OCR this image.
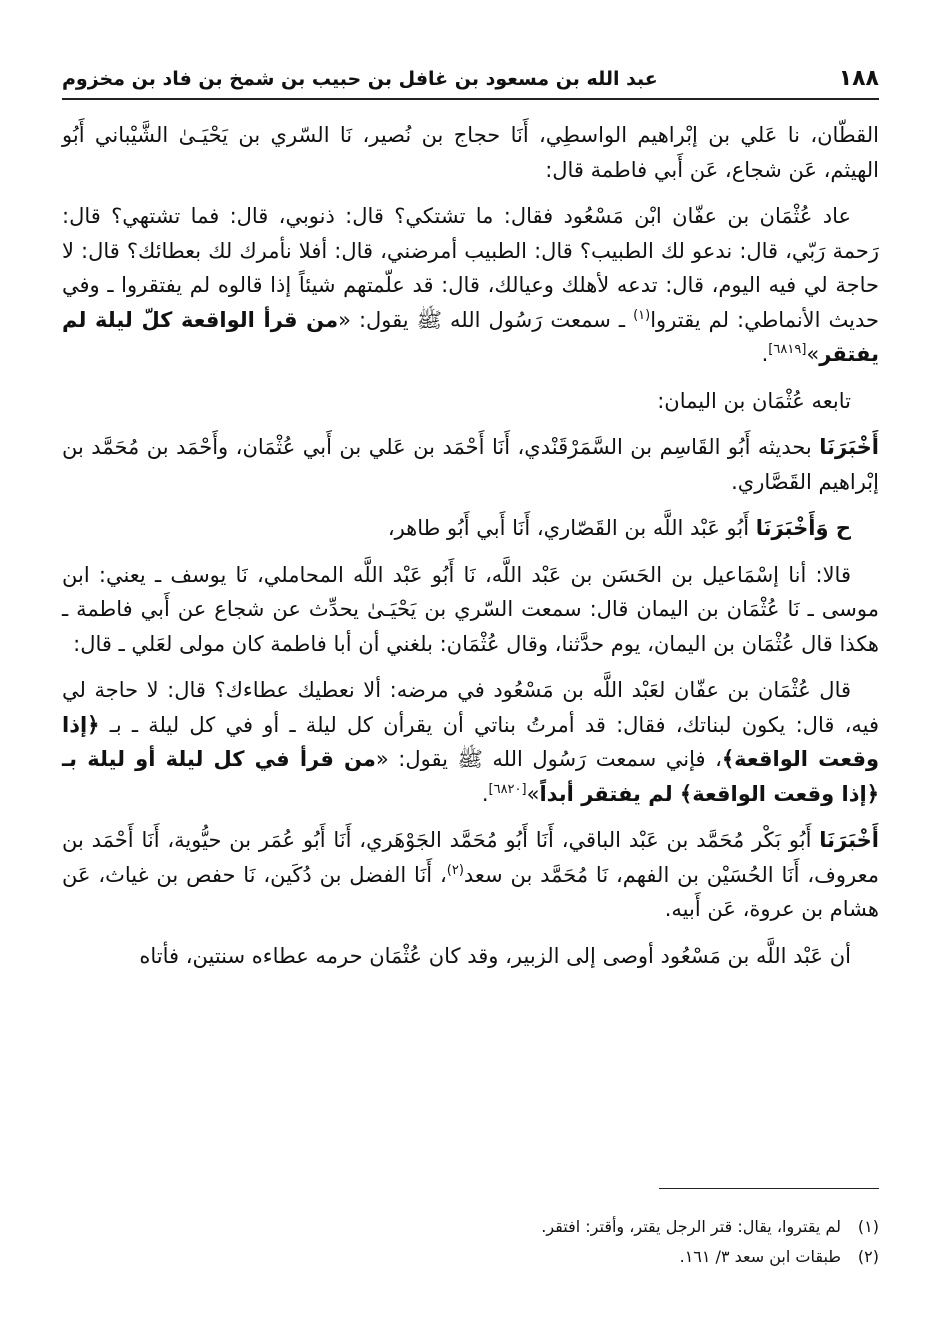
١٨٨
عبد الله بن مسعود بن غافل بن حبيب بن شمخ بن فاد بن مخزوم

القطّان، نا عَلي بن إبْراهيم الواسطِي، أَنَا حجاج بن نُصير، نَا السّري بن يَحْيَـىٰ الشَّيْباني أَبُو الهيثم، عَن شجاع، عَن أَبي فاطمة قال:

عاد عُثْمَان بن عفّان ابْن مَسْعُود فقال: ما تشتكي؟ قال: ذنوبي، قال: فما تشتهي؟ قال: رَحمة رَبّي، قال: ندعو لك الطبيب؟ قال: الطبيب أمرضني، قال: أفلا نأمرك لك بعطائك؟ قال: لا حاجة لي فيه اليوم، قال: تدعه لأهلك وعيالك، قال: قد علّمتهم شيئاً إذا قالوه لم يفتقروا ـ وفي حديث الأنماطي: لم يقتروا$^{(١)}$ ـ سمعت رَسُول الله ﷺ يقول: «من قرأ الواقعة كلّ ليلة لم يفتقر»[٦٨١٩].

تابعه عُثْمَان بن اليمان:

أَخْبَرَنَا بحديثه أَبُو القَاسِم بن السَّمَرْقَنْدي، أَنَا أَحْمَد بن عَلي بن أَبي عُثْمَان، وأَحْمَد بن مُحَمَّد بن إبْراهيم القَصَّاري.

ح وَأَخْبَرَنَا أَبُو عَبْد اللَّه بن القَصّاري، أَنَا أَبي أَبُو طاهر،

قالا: أنا إسْمَاعيل بن الحَسَن بن عَبْد اللَّه، نَا أَبُو عَبْد اللَّه المحاملي، نَا يوسف ـ يعني: ابن موسى ـ نَا عُثْمَان بن اليمان قال: سمعت السّري بن يَحْيَـىٰ يحدِّث عن شجاع عن أَبي فاطمة ـ هكذا قال عُثْمَان بن اليمان، يوم حدَّثنا، وقال عُثْمَان: بلغني أن أبا فاطمة كان مولى لعَلي ـ قال:

قال عُثْمَان بن عفّان لعَبْد اللَّه بن مَسْعُود في مرضه: ألا نعطيك عطاءك؟ قال: لا حاجة لي فيه، قال: يكون لبناتك، فقال: قد أمرتُ بناتي أن يقرأن كل ليلة ـ أو في كل ليلة ـ بـ ﴿إذا وقعت الواقعة﴾، فإني سمعت رَسُول الله ﷺ يقول: «من قرأ في كل ليلة أو ليلة بـ ﴿إذا وقعت الواقعة﴾ لم يفتقر أبداً»[٦٨٢٠].

أَخْبَرَنَا أَبُو بَكْر مُحَمَّد بن عَبْد الباقي، أَنَا أَبُو مُحَمَّد الجَوْهَري، أَنَا أَبُو عُمَر بن حيُّوية، أَنَا أَحْمَد بن معروف، أَنَا الحُسَيْن بن الفهم، نَا مُحَمَّد بن سعد$^{(٢)}$، أَنَا الفضل بن دُكَين، نَا حفص بن غياث، عَن هشام بن عروة، عَن أَبيه.

أن عَبْد اللَّه بن مَسْعُود أوصى إلى الزبير، وقد كان عُثْمَان حرمه عطاءه سنتين، فأتاه

(١)لم يقتروا، يقال: قتر الرجل يقتر، وأقتر: افتقر.
(٢)طبقات ابن سعد ٣/ ١٦١.
